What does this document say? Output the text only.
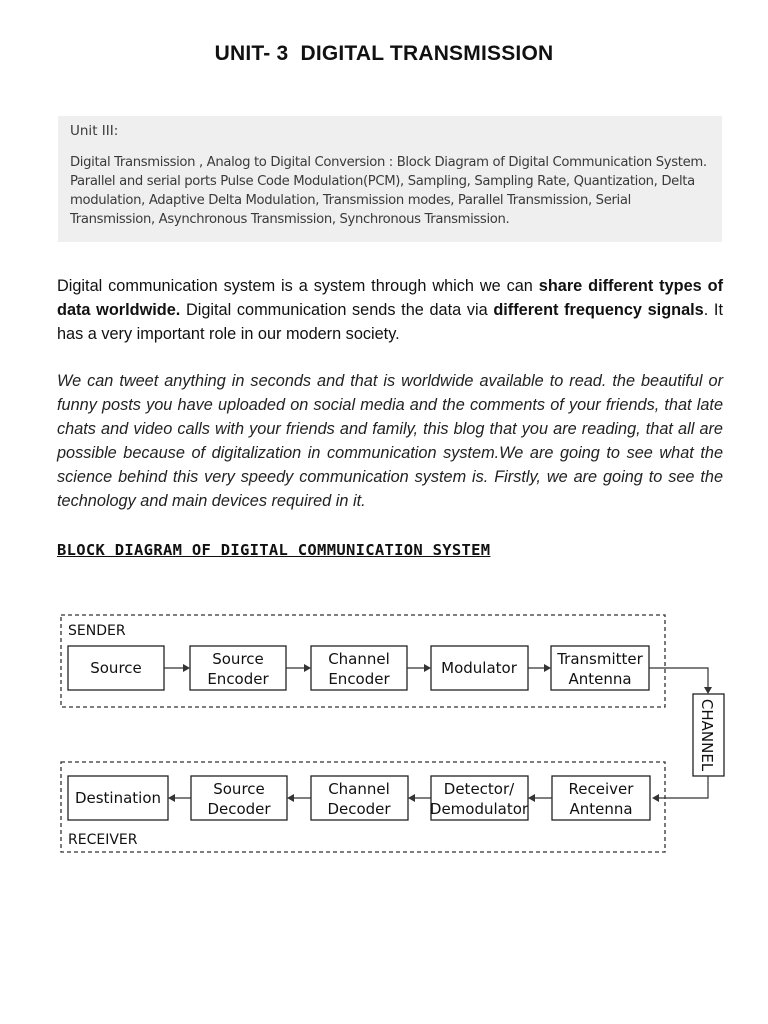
UNIT- 3  DIGITAL TRANSMISSION
Unit III:
Digital Transmission , Analog to Digital Conversion : Block Diagram of Digital Communication System. Parallel and serial ports Pulse Code Modulation(PCM), Sampling, Sampling Rate, Quantization, Delta modulation, Adaptive Delta Modulation, Transmission modes, Parallel Transmission, Serial Transmission, Asynchronous Transmission, Synchronous Transmission.

Digital communication system is a system through which we can share different types of data worldwide. Digital communication sends the data via different frequency signals. It has a very important role in our modern society.

We can tweet anything in seconds and that is worldwide available to read. the beautiful or funny posts you have uploaded on social media and the comments of your friends, that late chats and video calls with your friends and family, this blog that you are reading, that all are possible because of digitalization in communication system.We are going to see what the science behind this very speedy communication system is. Firstly, we are going to see the technology and main devices required in it.

BLOCK DIAGRAM OF DIGITAL COMMUNICATION SYSTEM
SENDER
RECEIVER
Source	Source
Encoder
Channel
Encoder
Modulator	Transmitter
Antenna
CHANNEL
Destination	Source
Decoder
Channel
Decoder
Detector/
Demodulator
Receiver
Antenna
